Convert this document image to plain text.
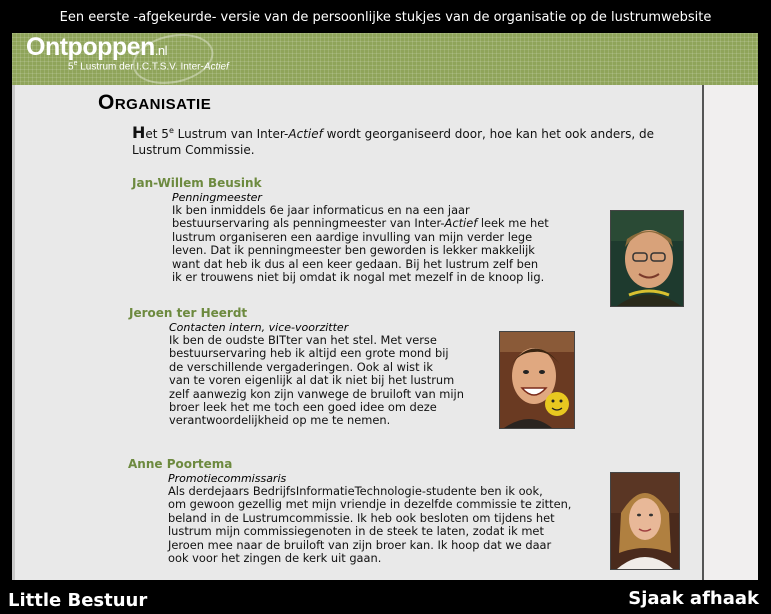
Een eerste -afgekeurde- versie van de persoonlijke stukjes van de organisatie op de lustrumwebsite
Ontpoppen.nl
5e Lustrum der I.C.T.S.V. Inter-Actief
Organisatie
Het 5e Lustrum van Inter-Actief wordt georganiseerd door, hoe kan het ook anders, de Lustrum Commissie.
Jan-Willem Beusink
Penningmeester
Ik ben inmiddels 6e jaar informaticus en na een jaar
bestuurservaring als penningmeester van Inter-Actief leek me het
lustrum organiseren een aardige invulling van mijn verder lege
leven. Dat ik penningmeester ben geworden is lekker makkelijk
want dat heb ik dus al een keer gedaan. Bij het lustrum zelf ben
ik er trouwens niet bij omdat ik nogal met mezelf in de knoop lig.
Jeroen ter Heerdt
Contacten intern, vice-voorzitter
Ik ben de oudste BITter van het stel. Met verse
bestuurservaring heb ik altijd een grote mond bij
de verschillende vergaderingen. Ook al wist ik
van te voren eigenlijk al dat ik niet bij het lustrum
zelf aanwezig kon zijn vanwege de bruiloft van mijn
broer leek het me toch een goed idee om deze
verantwoordelijkheid op me te nemen.
Anne Poortema
Promotiecommissaris
Als derdejaars BedrijfsInformatieTechnologie-studente ben ik ook,
om gewoon gezellig met mijn vriendje in dezelfde commissie te zitten,
beland in de Lustrumcommissie. Ik heb ook besloten om tijdens het
lustrum mijn commissiegenoten in de steek te laten, zodat ik met
Jeroen mee naar de bruiloft van zijn broer kan. Ik hoop dat we daar
ook voor het zingen de kerk uit gaan.
Little Bestuur	Sjaak afhaak
